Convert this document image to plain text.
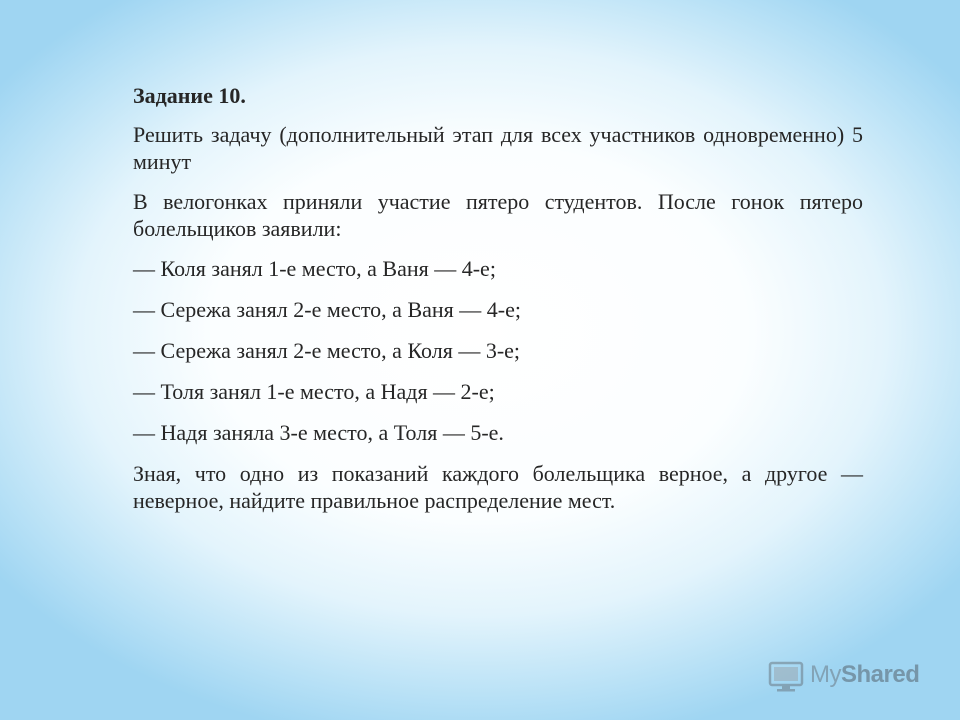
Задание 10.

Решить задачу (дополнительный этап для всех участников одновременно) 5 минут

В велогонках приняли участие пятеро студентов. После гонок пятеро болельщиков заявили:

— Коля занял 1-е место, а Ваня — 4-е;

— Сережа занял 2-е место, а Ваня — 4-е;

— Сережа занял 2-е место, а Коля — 3-е;

— Толя занял 1-е место, а Надя — 2-е;

— Надя заняла 3-е место, а Толя — 5-е.

Зная, что одно из показаний каждого болельщика верное, а другое — неверное, найдите правильное распределение мест.

MyShared
